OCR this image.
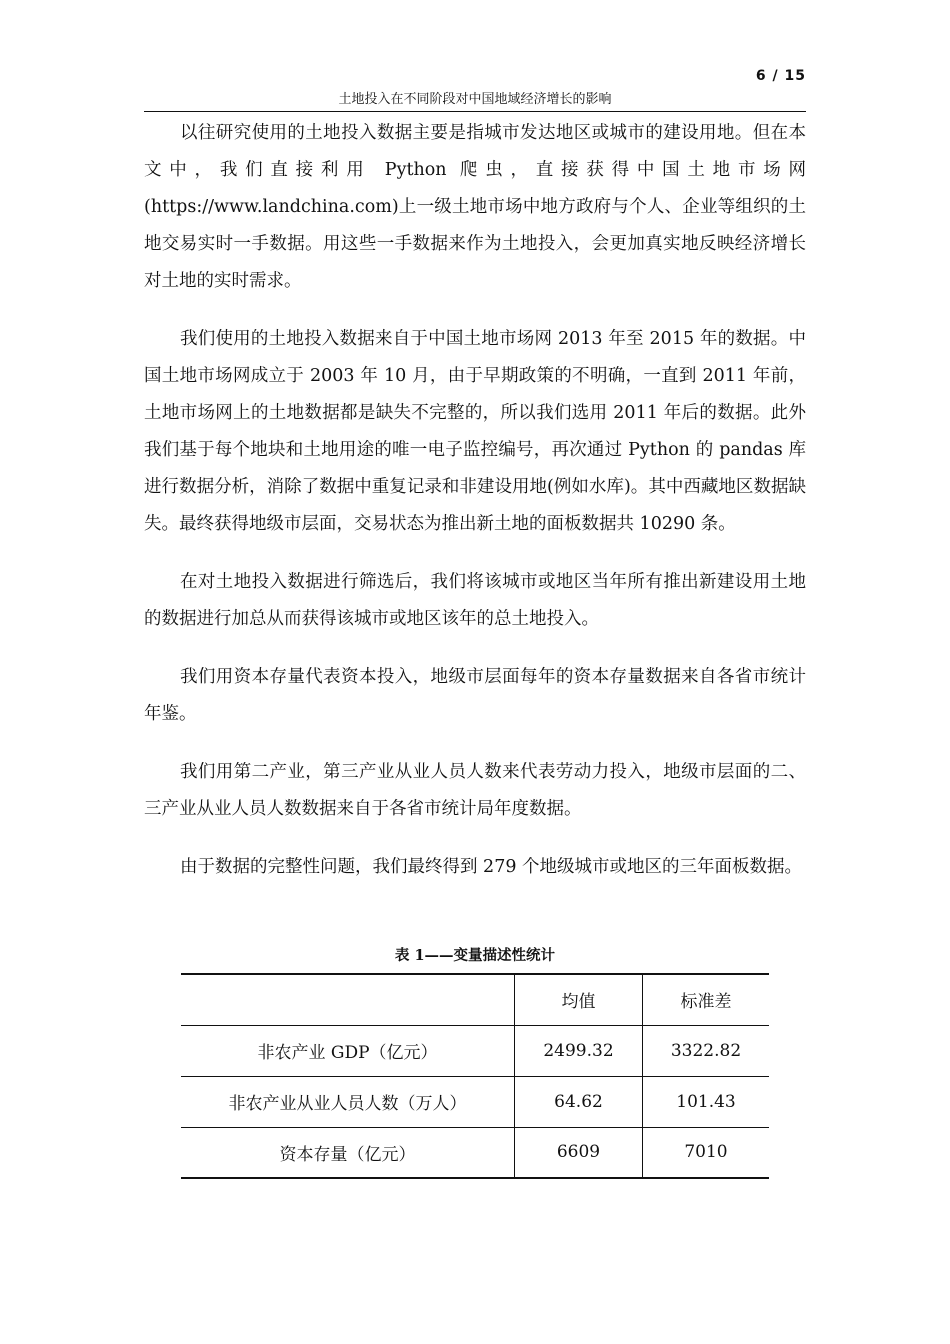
6 / 15
土地投入在不同阶段对中国地域经济增长的影响

以往研究使用的土地投入数据主要是指城市发达地区或城市的建设用地。但在本文中，我们直接利用 Python 爬虫，直接获得中国土地市场网(https://www.landchina.com)上一级土地市场中地方政府与个人、企业等组织的土地交易实时一手数据。用这些一手数据来作为土地投入，会更加真实地反映经济增长对土地的实时需求。

我们使用的土地投入数据来自于中国土地市场网 2013 年至 2015 年的数据。中国土地市场网成立于 2003 年 10 月，由于早期政策的不明确，一直到 2011 年前，土地市场网上的土地数据都是缺失不完整的，所以我们选用 2011 年后的数据。此外我们基于每个地块和土地用途的唯一电子监控编号，再次通过 Python 的 pandas 库进行数据分析，消除了数据中重复记录和非建设用地(例如水库)。其中西藏地区数据缺失。最终获得地级市层面，交易状态为推出新土地的面板数据共 10290 条。

在对土地投入数据进行筛选后，我们将该城市或地区当年所有推出新建设用土地的数据进行加总从而获得该城市或地区该年的总土地投入。

我们用资本存量代表资本投入，地级市层面每年的资本存量数据来自各省市统计年鉴。

我们用第二产业，第三产业从业人员人数来代表劳动力投入，地级市层面的二、三产业从业人员人数数据来自于各省市统计局年度数据。

由于数据的完整性问题，我们最终得到 279 个地级城市或地区的三年面板数据。

表 1——变量描述性统计
	均值	标准差
非农产业 GDP（亿元）	2499.32	3322.82
非农产业从业人员人数（万人）	64.62	101.43
资本存量（亿元）	6609	7010
